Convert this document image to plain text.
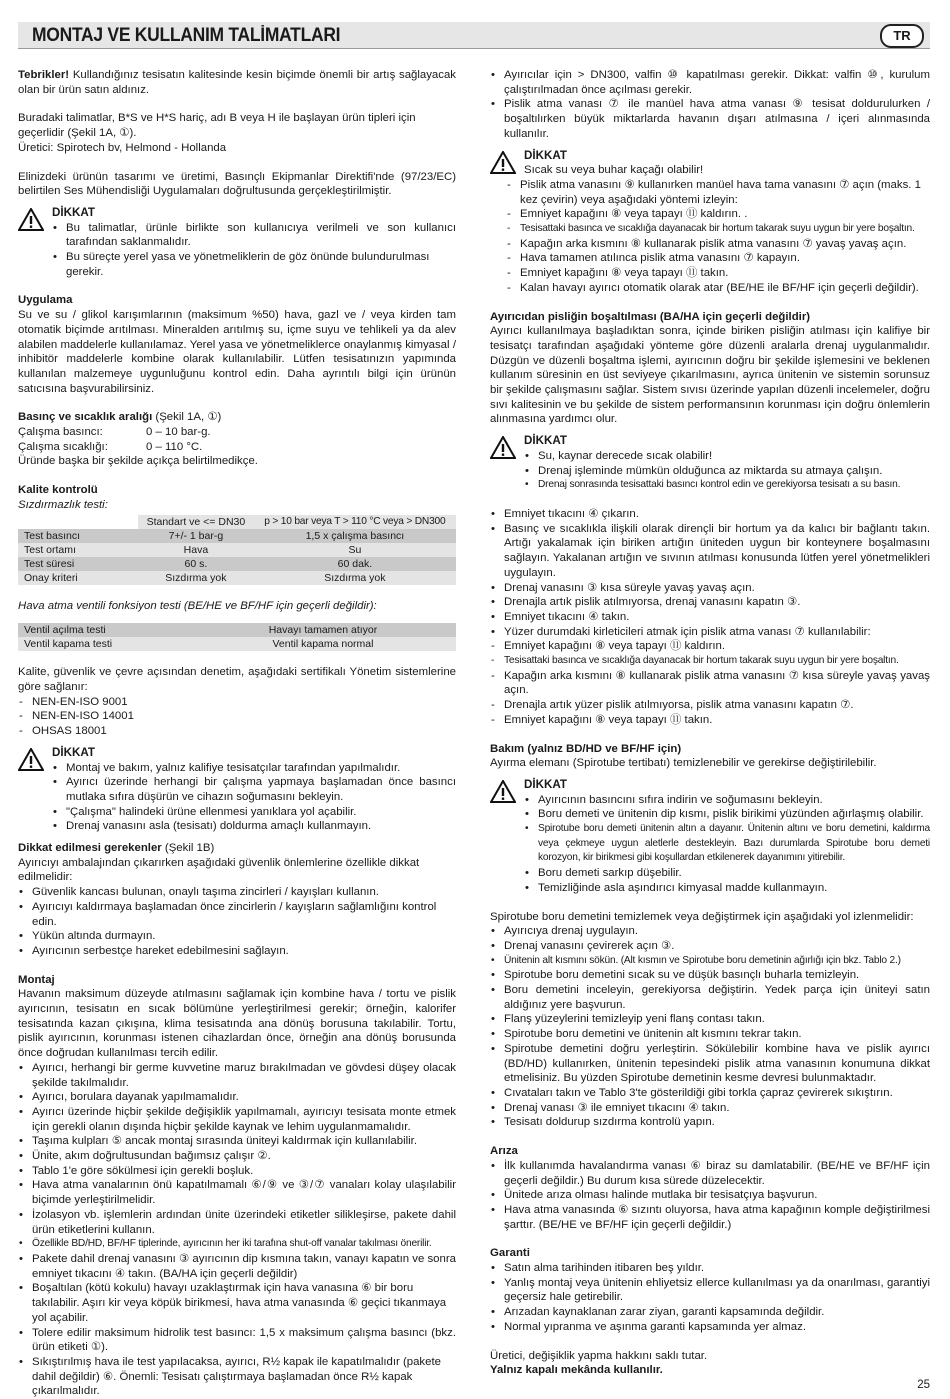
MONTAJ VE KULLANIM TALİMATLARI	TR

Tebrikler! Kullandığınız tesisatın kalitesinde kesin biçimde önemli bir artış sağlayacak olan bir ürün satın aldınız.

Buradaki talimatlar, B*S ve H*S hariç, adı B veya H ile başlayan ürün tipleri için geçerlidir (Şekil 1A, ①).

Üretici: Spirotech bv, Helmond - Hollanda

Elinizdeki ürünün tasarımı ve üretimi, Basınçlı Ekipmanlar Direktifi'nde (97/23/EC) belirtilen Ses Mühendisliği Uygulamaları doğrultusunda gerçekleştirilmiştir.

DİKKAT
• Bu talimatlar, ürünle birlikte son kullanıcıya verilmeli ve son kullanıcı tarafından saklanmalıdır.
• Bu süreçte yerel yasa ve yönetmeliklerin de göz önünde bulundurulması gerekir.
Uygulama

Su ve su / glikol karışımlarının (maksimum %50) hava, gazl ve / veya kirden tam otomatik biçimde arıtılması. Mineralden arıtılmış su, içme suyu ve tehlikeli ya da alev alabilen maddelerle kullanılamaz. Yerel yasa ve yönetmeliklerce onaylanmış kimyasal / inhibitör maddelerle kombine olarak kullanılabilir. Lütfen tesisatınızın yapımında kullanılan malzemeye uygunluğunu kontrol edin. Daha ayrıntılı bilgi için ürünün satıcısına başvurabilirsiniz.

Basınç ve sıcaklık aralığı (Şekil 1A, ①)

Çalışma basıncı:	0 – 10 bar-g.
Çalışma sıcaklığı:	0 – 110 °C.

Üründe başka bir şekilde açıkça belirtilmedikçe.

Kalite kontrolü

Sızdırmazlık testi:

	Standart ve <= DN30	p > 10 bar veya T > 110 °C veya > DN300
Test basıncı	7+/- 1 bar-g	1,5 x çalışma basıncı
Test ortamı	Hava	Su
Test süresi	60 s.	60 dak.
Onay kriteri	Sızdırma yok	Sızdırma yok

Hava atma ventili fonksiyon testi (BE/HE ve BF/HF için geçerli değildir):

Ventil açılma testi	Havayı tamamen atıyor
Ventil kapama testi	Ventil kapama normal

Kalite, güvenlik ve çevre açısından denetim, aşağıdaki sertifikalı Yönetim sistemlerine göre sağlanır:

- NEN-EN-ISO 9001
- NEN-EN-ISO 14001
- OHSAS 18001
DİKKAT
• Montaj ve bakım, yalnız kalifiye tesisatçılar tarafından yapılmalıdır.
• Ayırıcı üzerinde herhangi bir çalışma yapmaya başlamadan önce basıncı mutlaka sıfıra düşürün ve cihazın soğumasını bekleyin.
• "Çalışma" halindeki ürüne ellenmesi yanıklara yol açabilir.
• Drenaj vanasını asla (tesisatı) doldurma amaçlı kullanmayın.

Dikkat edilmesi gerekenler (Şekil 1B)

Ayırıcıyı ambalajından çıkarırken aşağıdaki güvenlik önlemlerine özellikle dikkat edilmelidir:

• Güvenlik kancası bulunan, onaylı taşıma zincirleri / kayışları kullanın.
• Ayırıcıyı kaldırmaya başlamadan önce zincirlerin / kayışların sağlamlığını kontrol edin.
• Yükün altında durmayın.
• Ayırıcının serbestçe hareket edebilmesini sağlayın.
Montaj

Havanın maksimum düzeyde atılmasını sağlamak için kombine hava / tortu ve pislik ayırıcının, tesisatın en sıcak bölümüne yerleştirilmesi gerekir; örneğin, kalorifer tesisatında kazan çıkışına, klima tesisatında ana dönüş borusuna takılabilir. Tortu, pislik ayırıcının, korunması istenen cihazlardan önce, örneğin ana dönüş borusunda önce doğrudan kullanılması tercih edilir.

• Ayırıcı, herhangi bir germe kuvvetine maruz bırakılmadan ve gövdesi düşey olacak şekilde takılmalıdır.
• Ayırıcı, borulara dayanak yapılmamalıdır.
• Ayırıcı üzerinde hiçbir şekilde değişiklik yapılmamalı, ayırıcıyı tesisata monte etmek için gerekli olanın dışında hiçbir şekilde kaynak ve lehim uygulanmamalıdır.
• Taşıma kulpları ⑤ ancak montaj sırasında üniteyi kaldırmak için kullanılabilir.
• Ünite, akım doğrultusundan bağımsız çalışır ②.
• Tablo 1'e göre sökülmesi için gerekli boşluk.
• Hava atma vanalarının önü kapatılmamalı ⑥/⑨ ve ③/⑦ vanaları kolay ulaşılabilir biçimde yerleştirilmelidir.
• İzolasyon vb. işlemlerin ardından ünite üzerindeki etiketler silikleşirse, pakete dahil ürün etiketlerini kullanın.
• Özellikle BD/HD, BF/HF tiplerinde, ayırıcının her iki tarafına shut-off vanalar takılması önerilir.
• Pakete dahil drenaj vanasını ③ ayırıcının dip kısmına takın, vanayı kapatın ve sonra emniyet tıkacını ④ takın. (BA/HA için geçerli değildir)
• Boşaltılan (kötü kokulu) havayı uzaklaştırmak için hava vanasına ⑥ bir boru takılabilir. Aşırı kir veya köpük birikmesi, hava atma vanasında ⑥ geçici tıkanmaya yol açabilir.
• Tolere edilir maksimum hidrolik test basıncı: 1,5 x maksimum çalışma basıncı (bkz. ürün etiketi ①).
• Sıkıştırılmış hava ile test yapılacaksa, ayırıcı, R½ kapak ile kapatılmalıdır (pakete dahil değildir) ⑥. Önemli: Tesisatı çalıştırmaya başlamadan önce R½ kapak çıkarılmalıdır.
• Ayırıcılar için > DN300, valfin ⑩ kapatılması gerekir. Dikkat: valfin ⑩, kurulum çalıştırılmadan önce açılması gerekir.
• Pislik atma vanası ⑦ ile manüel hava atma vanası ⑨ tesisat doldurulurken / boşaltılırken büyük miktarlarda havanın dışarı atılmasına / içeri alınmasında kullanılır.
DİKKAT

Sıcak su veya buhar kaçağı olabilir!

- Pislik atma vanasını ⑨ kullanırken manüel hava tama vanasını ⑦ açın (maks. 1 kez çevirin) veya aşağıdaki yöntemi izleyin:
- Emniyet kapağını ⑧ veya tapayı ⑪ kaldırın. .
- Tesisattaki basınca ve sıcaklığa dayanacak bir hortum takarak suyu uygun bir yere boşaltın.
- Kapağın arka kısmını ⑧ kullanarak pislik atma vanasını ⑦ yavaş yavaş açın.
- Hava tamamen atılınca pislik atma vanasını ⑦ kapayın.
- Emniyet kapağını ⑧ veya tapayı ⑪ takın.
- Kalan havayı ayırıcı otomatik olarak atar (BE/HE ile BF/HF için geçerli değildir).
Ayırıcıdan pisliğin boşaltılması (BA/HA için geçerli değildir)

Ayırıcı kullanılmaya başladıktan sonra, içinde biriken pisliğin atılması için kalifiye bir tesisatçı tarafından aşağıdaki yönteme göre düzenli aralarla drenaj uygulanmalıdır. Düzgün ve düzenli boşaltma işlemi, ayırıcının doğru bir şekilde işlemesini ve beklenen kullanım süresinin en üst seviyeye çıkarılmasını, ayrıca ünitenin ve sistemin sorunsuz bir şekilde çalışmasını sağlar. Sistem sıvısı üzerinde yapılan düzenli incelemeler, doğru sıvı kalitesinin ve bu şekilde de sistem performansının korunması için doğru önlemlerin alınmasına yardımcı olur.

DİKKAT
• Su, kaynar derecede sıcak olabilir!
• Drenaj işleminde mümkün olduğunca az miktarda su atmaya çalışın.
• Drenaj sonrasında tesisattaki basıncı kontrol edin ve gerekiyorsa tesisatı a su basın.
• Emniyet tıkacını ④ çıkarın.
• Basınç ve sıcaklıkla ilişkili olarak dirençli bir hortum ya da kalıcı bir bağlantı takın. Artığı yakalamak için biriken artığın üniteden uygun bir konteynere boşalmasını sağlayın. Yakalanan artığın ve sıvının atılması konusunda lütfen yerel yönetmelikleri uygulayın.
• Drenaj vanasını ③ kısa süreyle yavaş yavaş açın.
• Drenajla artık pislik atılmıyorsa, drenaj vanasını kapatın ③.
• Emniyet tıkacını ④ takın.
• Yüzer durumdaki kirleticileri atmak için pislik atma vanası ⑦ kullanılabilir:
- Emniyet kapağını ⑧ veya tapayı ⑪ kaldırın.
- Tesisattaki basınca ve sıcaklığa dayanacak bir hortum takarak suyu uygun bir yere boşaltın.
- Kapağın arka kısmını ⑧ kullanarak pislik atma vanasını ⑦ kısa süreyle yavaş yavaş açın.
- Drenajla artık yüzer pislik atılmıyorsa, pislik atma vanasını kapatın ⑦.
- Emniyet kapağını ⑧ veya tapayı ⑪ takın.
Bakım (yalnız BD/HD ve BF/HF için)

Ayırma elemanı (Spirotube tertibatı) temizlenebilir ve gerekirse değiştirilebilir.

DİKKAT
• Ayırıcının basıncını sıfıra indirin ve soğumasını bekleyin.
• Boru demeti ve ünitenin dip kısmı, pislik birikimi yüzünden ağırlaşmış olabilir.
• Spirotube boru demeti ünitenin altın a dayanır. Ünitenin altını ve boru demetini, kaldırma veya çekmeye uygun aletlerle destekleyin. Bazı durumlarda Spirotube boru demeti korozyon, kir birikmesi gibi koşullardan etkilenerek dayanımını yitirebilir.
• Boru demeti sarkıp düşebilir.
• Temizliğinde asla aşındırıcı kimyasal madde kullanmayın.

Spirotube boru demetini temizlemek veya değiştirmek için aşağıdaki yol izlenmelidir:

• Ayırıcıya drenaj uygulayın.
• Drenaj vanasını çevirerek açın ③.
• Ünitenin alt kısmını sökün. (Alt kısmın ve Spirotube boru demetinin ağırlığı için bkz. Tablo 2.)
• Spirotube boru demetini sıcak su ve düşük basınçlı buharla temizleyin.
• Boru demetini inceleyin, gerekiyorsa değiştirin. Yedek parça için üniteyi satın aldığınız yere başvurun.
• Flanş yüzeylerini temizleyip yeni flanş contası takın.
• Spirotube boru demetini ve ünitenin alt kısmını tekrar takın.
• Spirotube demetini doğru yerleştirin. Sökülebilir kombine hava ve pislik ayırıcı (BD/HD) kullanırken, ünitenin tepesindeki pislik atma vanasının konumuna dikkat etmelisiniz. Bu yüzden Spirotube demetinin kesme devresi bulunmaktadır.
• Cıvataları takın ve Tablo 3'te gösterildiği gibi torkla çapraz çevirerek sıkıştırın.
• Drenaj vanası ③ ile emniyet tıkacını ④ takın.
• Tesisatı doldurup sızdırma kontrolü yapın.
Arıza
• İlk kullanımda havalandırma vanası ⑥ biraz su damlatabilir. (BE/HE ve BF/HF için geçerli değildir.) Bu durum kısa sürede düzelecektir.
• Ünitede arıza olması halinde mutlaka bir tesisatçıya başvurun.
• Hava atma vanasında ⑥ sızıntı oluyorsa, hava atma kapağının komple değiştirilmesi şarttır. (BE/HE ve BF/HF için geçerli değildir.)
Garanti
• Satın alma tarihinden itibaren beş yıldır.
• Yanlış montaj veya ünitenin ehliyetsiz ellerce kullanılması ya da onarılması, garantiyi geçersiz hale getirebilir.
• Arızadan kaynaklanan zarar ziyan, garanti kapsamında değildir.
• Normal yıpranma ve aşınma garanti kapsamında yer almaz.

Üretici, değişiklik yapma hakkını saklı tutar.

Yalnız kapalı mekânda kullanılır.

25
